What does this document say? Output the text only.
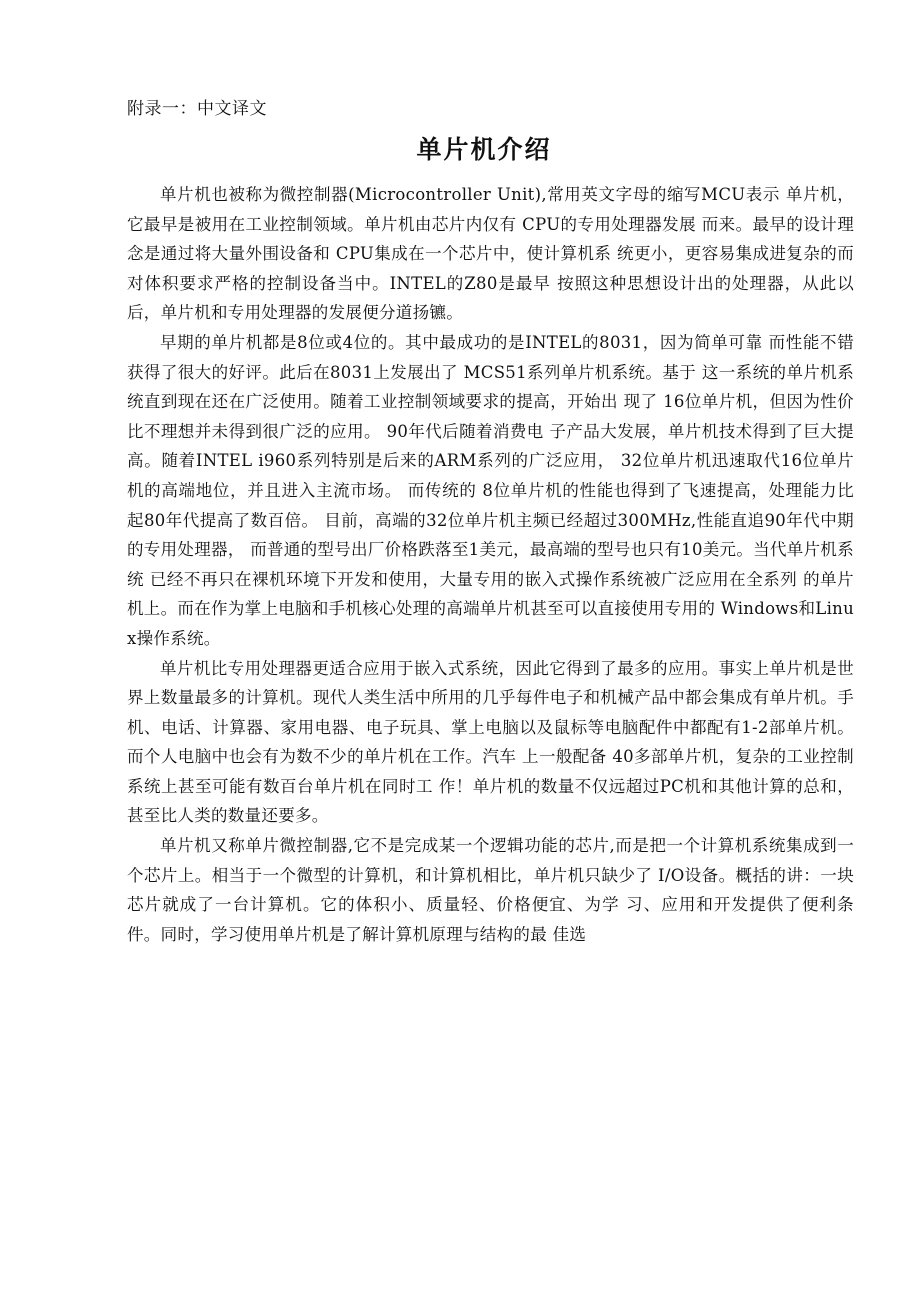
附录一：中文译文
单片机介绍

单片机也被称为微控制器(Microcontroller Unit),常用英文字母的缩写MCU表示 单片机，它最早是被用在工业控制领域。单片机由芯片内仅有 CPU的专用处理器发展 而来。最早的设计理念是通过将大量外围设备和 CPU集成在一个芯片中，使计算机系 统更小，更容易集成进复杂的而对体积要求严格的控制设备当中。INTEL的Z80是最早 按照这种思想设计出的处理器，从此以后，单片机和专用处理器的发展便分道扬镳。

早期的单片机都是8位或4位的。其中最成功的是INTEL的8031，因为简单可靠 而性能不错获得了很大的好评。此后在8031上发展出了 MCS51系列单片机系统。基于 这一系统的单片机系统直到现在还在广泛使用。随着工业控制领域要求的提高，开始出 现了 16位单片机，但因为性价比不理想并未得到很广泛的应用。 90年代后随着消费电 子产品大发展，单片机技术得到了巨大提高。随着INTEL i960系列特别是后来的ARM系列的广泛应用， 32位单片机迅速取代16位单片机的高端地位，并且进入主流市场。 而传统的 8位单片机的性能也得到了飞速提高，处理能力比起80年代提高了数百倍。 目前，高端的32位单片机主频已经超过300MHz,性能直追90年代中期的专用处理器， 而普通的型号出厂价格跌落至1美元，最高端的型号也只有10美元。当代单片机系统 已经不再只在裸机环境下开发和使用，大量专用的嵌入式操作系统被广泛应用在全系列 的单片机上。而在作为掌上电脑和手机核心处理的高端单片机甚至可以直接使用专用的 Windows和Linux操作系统。

单片机比专用处理器更适合应用于嵌入式系统，因此它得到了最多的应用。事实上单片机是世界上数量最多的计算机。现代人类生活中所用的几乎每件电子和机械产品中都会集成有单片机。手机、电话、计算器、家用电器、电子玩具、掌上电脑以及鼠标等电脑配件中都配有1-2部单片机。而个人电脑中也会有为数不少的单片机在工作。汽车 上一般配备 40多部单片机，复杂的工业控制系统上甚至可能有数百台单片机在同时工 作！单片机的数量不仅远超过PC机和其他计算的总和，甚至比人类的数量还要多。

单片机又称单片微控制器,它不是完成某一个逻辑功能的芯片,而是把一个计算机系统集成到一个芯片上。相当于一个微型的计算机，和计算机相比，单片机只缺少了 I/O设备。概括的讲：一块芯片就成了一台计算机。它的体积小、质量轻、价格便宜、为学 习、应用和开发提供了便利条件。同时，学习使用单片机是了解计算机原理与结构的最 佳选
